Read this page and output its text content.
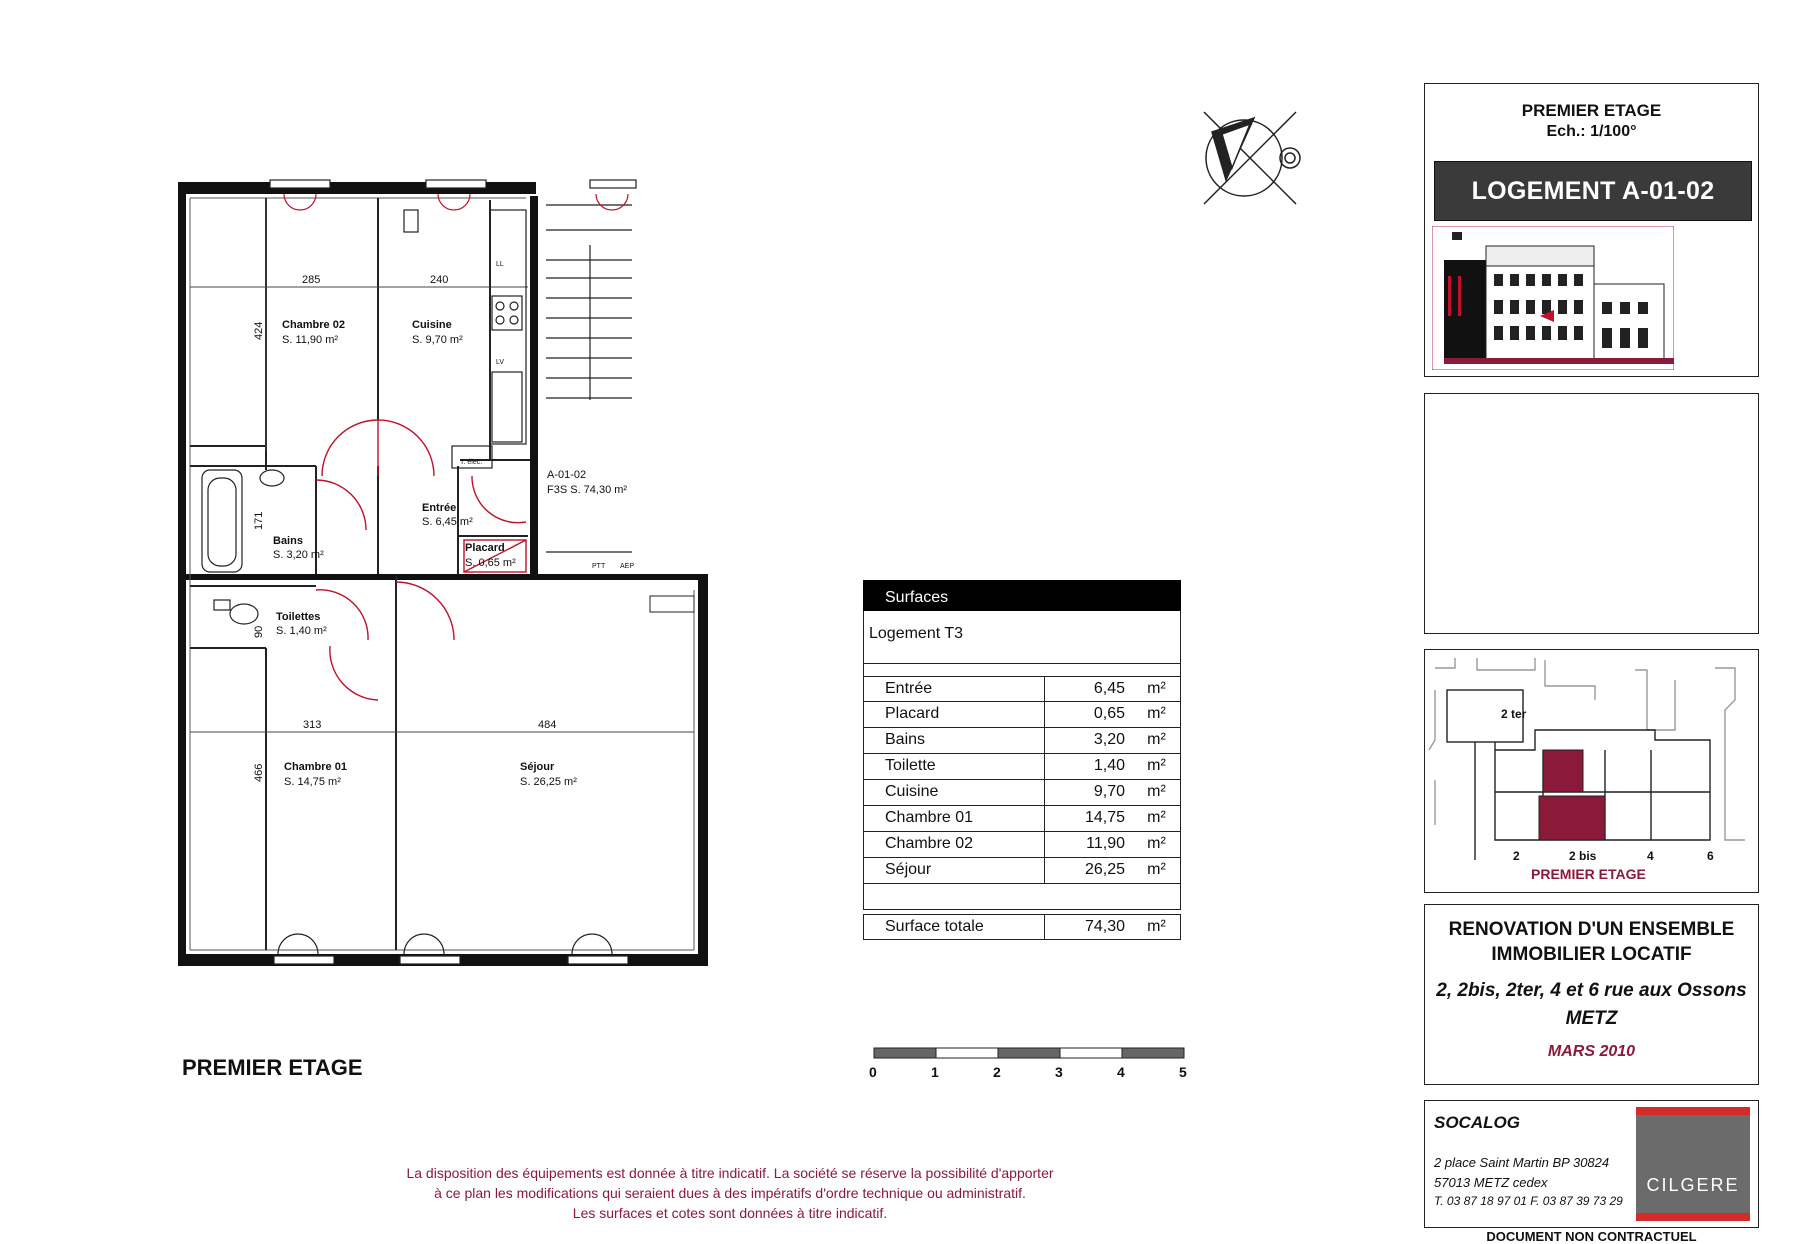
Chambre 02
S. 11,90 m²
Cuisine
S. 9,70 m²
Entrée
S. 6,45 m²
Bains
S. 3,20 m²
Placard
S. 0,65 m²
Toilettes
S. 1,40 m²
Chambre 01
S. 14,75 m²
Séjour
S. 26,25 m²
A-01-02
F3S S. 74,30 m²
285	240
424
171
90
313	484
466
T. élec.
LL
LV
PTT AEP
0	1	2	3	4	5
PREMIER ETAGE
Surfaces
Logement T3
Entrée	6,45	m²
Placard	0,65	m²
Bains	3,20	m²
Toilette	1,40	m²
Cuisine	9,70	m²
Chambre 01	14,75	m²
Chambre 02	11,90	m²
Séjour	26,25	m²
Surface totale	74,30	m²
PREMIER ETAGE
Ech.: 1/100°
LOGEMENT A-01-02
2 ter
2	2 bis	4	6
PREMIER ETAGE
RENOVATION D'UN ENSEMBLE
IMMOBILIER LOCATIF
2, 2bis, 2ter, 4 et 6 rue aux Ossons
METZ
MARS 2010
SOCALOG
2 place Saint Martin BP 30824
57013 METZ cedex
T. 03 87 18 97 01 F. 03 87 39 73 29
CILGERE
DOCUMENT NON CONTRACTUEL
La disposition des équipements est donnée à titre indicatif. La société se réserve la possibilité d'apporter
à ce plan les modifications qui seraient dues à des impératifs d'ordre technique ou administratif.
Les surfaces et cotes sont données à titre indicatif.
